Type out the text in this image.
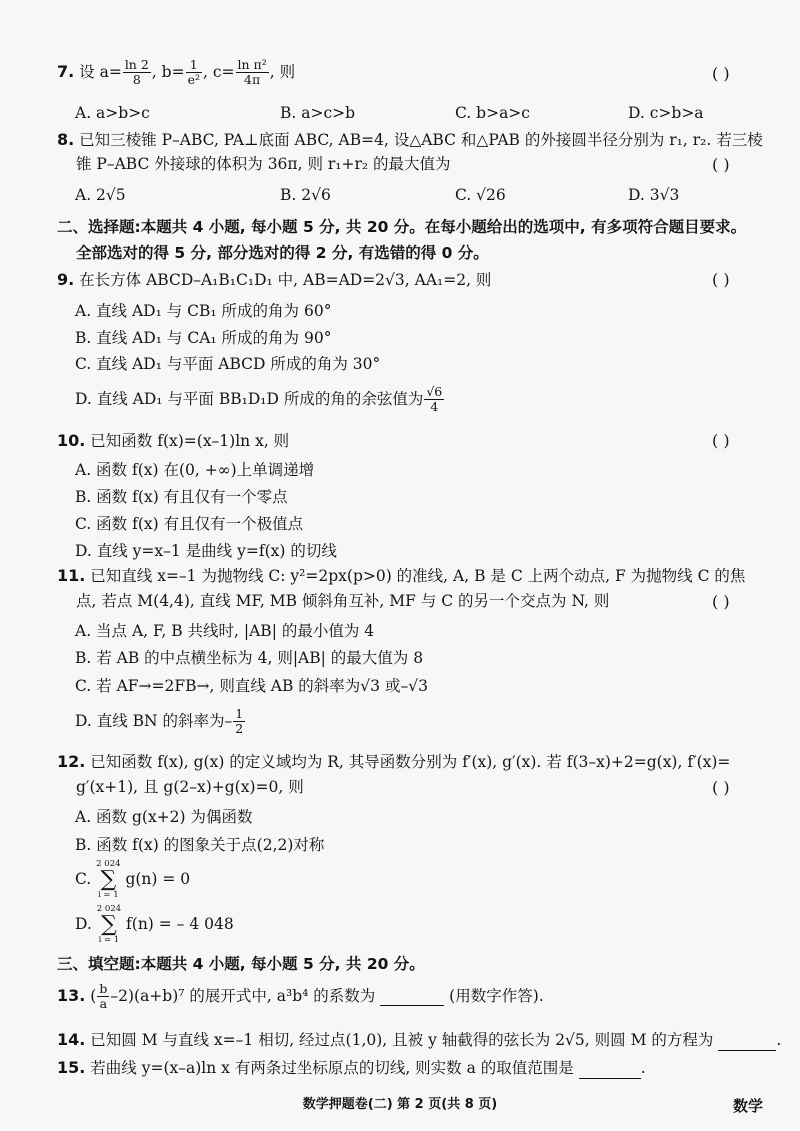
7. 设 $a= \frac{\ln 2}{8}$ , $b= \frac{1}{\text{e²}}$ , $c= \frac{\text{ln π²}}{4\pi}$ , 则	( )
A. a>b>c	B. a>c>b	C. b>a>c	D. c>b>a
8. 已知三棱锥 P–ABC, PA⊥底面 ABC, AB=4, 设△ABC 和△PAB 的外接圆半径分别为 r₁, r₂. 若三棱
锥 P–ABC 外接球的体积为 36π, 则 r₁+r₂ 的最大值为	( )
A. 2√5	B. 2√6	C. √26	D. 3√3
二、选择题:本题共 4 小题, 每小题 5 分, 共 20 分。在每小题给出的选项中, 有多项符合题目要求。
全部选对的得 5 分, 部分选对的得 2 分, 有选错的得 0 分。
9. 在长方体 ABCD–A₁B₁C₁D₁ 中, AB=AD=2√3, AA₁=2, 则	( )
A. 直线 AD₁ 与 CB₁ 所成的角为 60°
B. 直线 AD₁ 与 CA₁ 所成的角为 90°
C. 直线 AD₁ 与平面 ABCD 所成的角为 30°
D. 直线 AD₁ 与平面 BB₁D₁D 所成的角的余弦值为 $\frac{√6}{4}$
10. 已知函数 f(x)=(x–1)ln x, 则	( )
A. 函数 f(x) 在(0, +∞)上单调递增
B. 函数 f(x) 有且仅有一个零点
C. 函数 f(x) 有且仅有一个极值点
D. 直线 y=x–1 是曲线 y=f(x) 的切线
11. 已知直线 x=–1 为抛物线 C: y²=2px(p>0) 的准线, A, B 是 C 上两个动点, F 为抛物线 C 的焦
点, 若点 M(4,4), 直线 MF, MB 倾斜角互补, MF 与 C 的另一个交点为 N, 则	( )
A. 当点 A, F, B 共线时, |AB| 的最小值为 4
B. 若 AB 的中点横坐标为 4, 则|AB| 的最大值为 8
C. 若 AF→=2FB→, 则直线 AB 的斜率为√3 或–√3
D. 直线 BN 的斜率为– $\frac{1}{2}$
12. 已知函数 f(x), g(x) 的定义域均为 R, 其导函数分别为 f′(x), g′(x). 若 f(3–x)+2=g(x), f′(x)=
g′(x+1), 且 g(2–x)+g(x)=0, 则	( )
A. 函数 g(x+2) 为偶函数
B. 函数 f(x) 的图象关于点(2,2)对称
C. 2 024
∑
i = 1 g(n) = 0
D. 2 024
∑
i = 1 f(n) = – 4 048
三、填空题:本题共 4 小题, 每小题 5 分, 共 20 分。
13. ( $\frac{b}{a} -2)(a+b)^7$ 的展开式中, a³b⁴ 的系数为	(用数字作答).
14. 已知圆 M 与直线 x=–1 相切, 经过点(1,0), 且被 y 轴截得的弦长为 2√5, 则圆 M 的方程为	.
15. 若曲线 y=(x–a)ln x 有两条过坐标原点的切线, 则实数 a 的取值范围是	.
数学押题卷(二) 第 2 页(共 8 页)	数学
